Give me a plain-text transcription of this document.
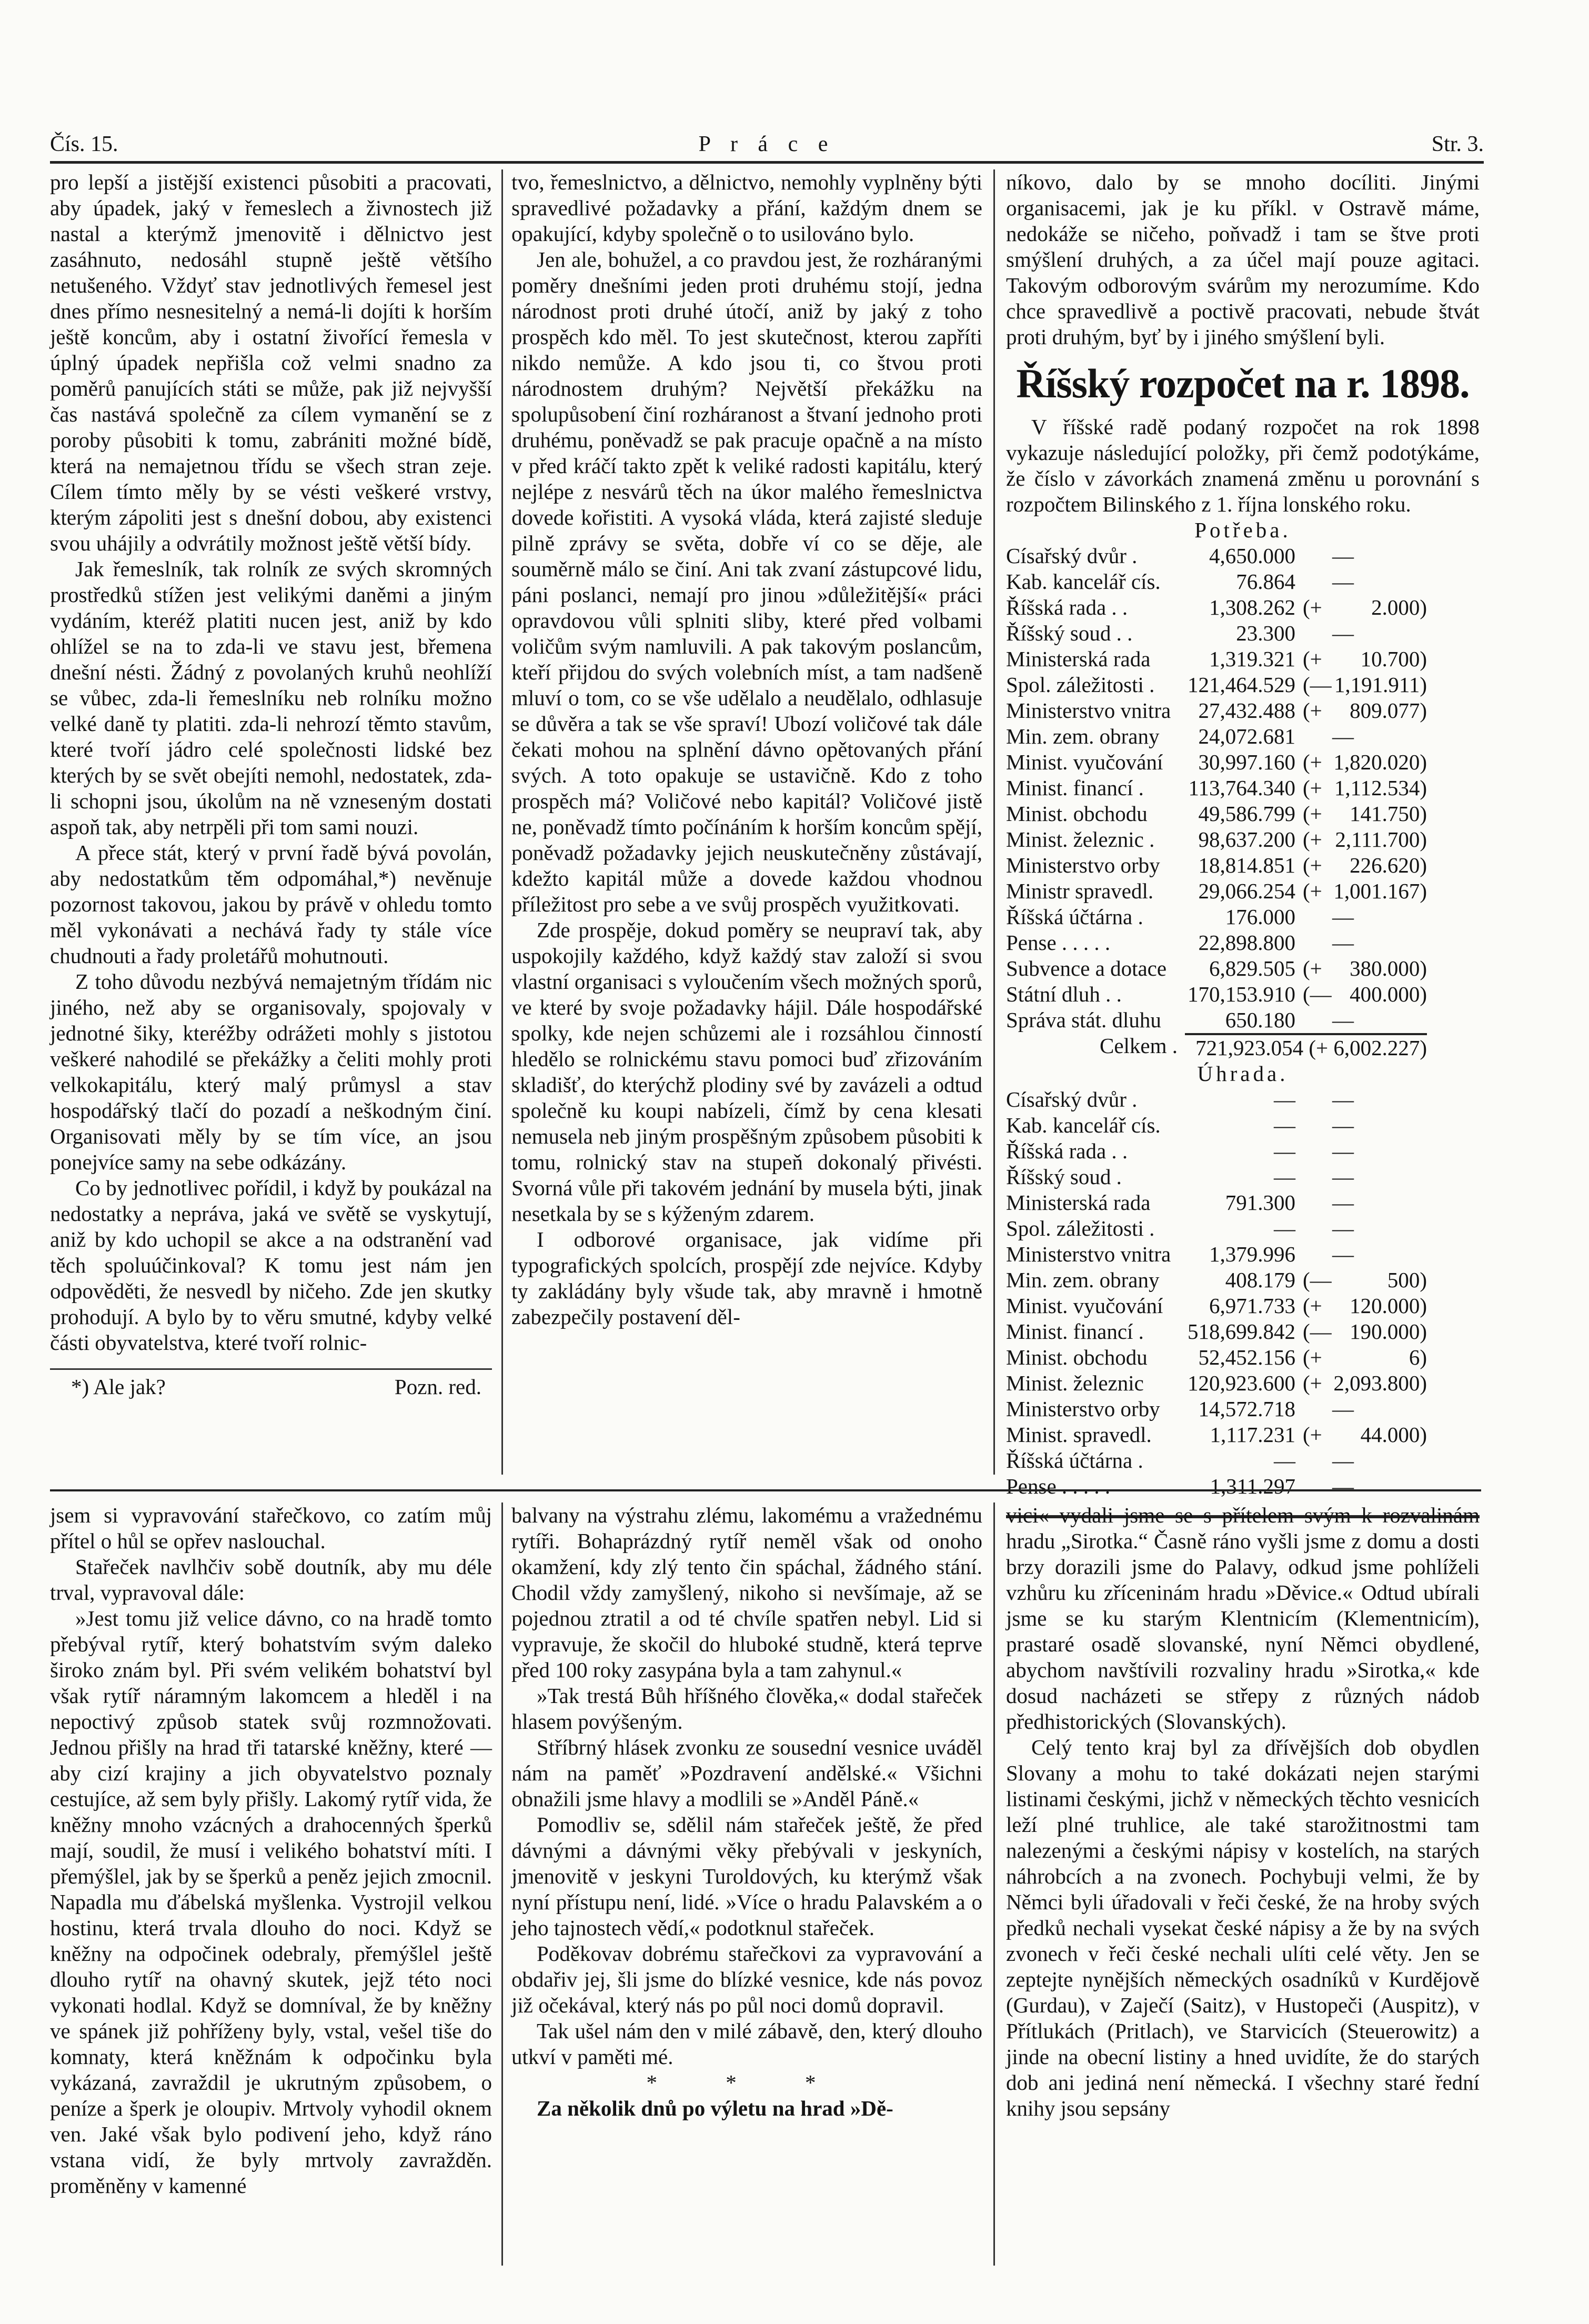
Čís. 15.	P r á c e	Str. 3.

pro lepší a jistější existenci působiti a pracovati, aby úpadek, jaký v řemeslech a živnostech již nastal a kterýmž jmenovitě i dělnictvo jest zasáhnuto, nedosáhl stupně ještě většího netušeného. Vždyť stav jednotlivých řemesel jest dnes přímo nesnesitelný a nemá-li dojíti k horším ještě koncům, aby i ostatní živořící řemesla v úplný úpadek nepřišla což velmi snadno za poměrů panujících státi se může, pak již nejvyšší čas nastává společně za cílem vymanění se z poroby působiti k tomu, zabrániti možné bídě, která na nemajetnou třídu se všech stran zeje. Cílem tímto měly by se vésti veškeré vrstvy, kterým zápoliti jest s dnešní dobou, aby existenci svou uhájily a odvrátily možnost ještě větší bídy.

Jak řemeslník, tak rolník ze svých skromných prostředků stížen jest velikými daněmi a jiným vydáním, kteréž platiti nucen jest, aniž by kdo ohlížel se na to zda-li ve stavu jest, břemena dnešní nésti. Žádný z povolaných kruhů neohlíží se vůbec, zda-li řemeslníku neb rolníku možno velké daně ty platiti. zda-li nehrozí těmto stavům, které tvoří jádro celé společnosti lidské bez kterých by se svět obejíti nemohl, nedostatek, zda-li schopni jsou, úkolům na ně vzneseným dostati aspoň tak, aby netrpěli při tom sami nouzi.

A přece stát, který v první řadě bývá povolán, aby nedostatkům těm odpomáhal,*) nevěnuje pozornost takovou, jakou by právě v ohledu tomto měl vykonávati a nechává řady ty stále více chudnouti a řady proletářů mohutnouti.

Z toho důvodu nezbývá nemajetným třídám nic jiného, než aby se organisovaly, spojovaly v jednotné šiky, kteréžby odrážeti mohly s jistotou veškeré nahodilé se překážky a čeliti mohly proti velkokapitálu, který malý průmysl a stav hospodářský tlačí do pozadí a neškodným činí. Organisovati měly by se tím více, an jsou ponejvíce samy na sebe odkázány.

Co by jednotlivec pořídil, i když by poukázal na nedostatky a neprávа, jaká ve světě se vyskytují, aniž by kdo uchopil se akce a na odstranění vad těch spoluúčinkoval? K tomu jest nám jen odpověděti, že nesvedl by ničeho. Zde jen skutky prohodují. A bylo by to věru smutné, kdyby velké části obyvatelstva, které tvoří rolnic-

*) Ale jak?	Pozn. red.

tvo, řemeslnictvo, a dělnictvo, nemohly vyplněny býti spravedlivé požadavky a přání, každým dnem se opakující, kdyby společně o to usilováno bylo.

Jen ale, bohužel, a co pravdou jest, že rozháranými poměry dnešními jeden proti druhému stojí, jedna národnost proti druhé útočí, aniž by jaký z toho prospěch kdo měl. To jest skutečnost, kterou zapříti nikdo nemůže. A kdo jsou ti, co štvou proti národnostem druhým? Největší překážku na spolupůsobení činí rozháranost a štvaní jednoho proti druhému, poněvadž se pak pracuje opačně a na místo v před kráčí takto zpět k veliké radosti kapitálu, který nejlépe z nesvárů těch na úkor malého řemeslnictva dovede kořistiti. A vysoká vláda, která zajisté sleduje pilně zprávy se světa, dobře ví co se děje, ale souměrně málo se činí. Ani tak zvaní zástupcové lidu, páni poslanci, nemají pro jinou »důležitější« práci opravdovou vůli splniti sliby, které před volbami voličům svým namluvili. A pak takovým poslancům, kteří přijdou do svých volebních míst, a tam nadšeně mluví o tom, co se vše udělalo a neudělalo, odhlasuje se důvěra a tak se vše spraví! Ubozí voličové tak dále čekati mohou na splnění dávno opětovaných přání svých. A toto opakuje se ustavičně. Kdo z toho prospěch má? Voličové nebo kapitál? Voličové jistě ne, poněvadž tímto počínáním k horším koncům spějí, poněvadž požadavky jejich neuskutečněny zůstávají, kdežto kapitál může a dovede každou vhodnou příležitost pro sebe a ve svůj prospěch využitkovati.

Zde prospěje, dokud poměry se neupraví tak, aby uspokojily každého, když každý stav založí si svou vlastní organisaci s vyloučením všech možných sporů, ve které by svoje požadavky hájil. Dále hospodářské spolky, kde nejen schůzemi ale i rozsáhlou činností hledělo se rolnickému stavu pomoci buď zřizováním skladišť, do kterýchž plodiny své by zavázeli a odtud společně ku koupi nabízeli, čímž by cena klesati nemusela neb jiným prospěšným způsobem působiti k tomu, rolnický stav na stupeň dokonalý přivésti. Svorná vůle při takovém jednání by musela býti, jinak nesetkala by se s kýženým zdarem.

I odborové organisace, jak vidíme při typografických spolcích, prospějí zde nejvíce. Kdyby ty zakládány byly všude tak, aby mravně i hmotně zabezpečily postavení děl-

níkovo, dalo by se mnoho docíliti. Jinými organisacemi, jak je ku příkl. v Ostravě máme, nedokáže se ničeho, poňvadž i tam se štve proti smýšlení druhých, a za účel mají pouze agitaci. Takovým odborovým svárům my nerozumíme. Kdo chce spravedlivě a poctivě pracovati, nebude štvát proti druhým, byť by i jiného smýšlení byli.

Říšský rozpočet na r. 1898.

V říšské radě podaný rozpočet na rok 1898 vykazuje následující položky, při čemž podotýkáme, že číslo v závorkách znamená změnu u porovnání s rozpočtem Bilinského z 1. října lonského roku.

Potřeba.
Císařský dvůr .	4,650.000 —
Kab. kancelář cís.	76.864 —
Říšská rada . .	1,308.262 (+	2.000)
Říšský soud . .	23.300 —
Ministerská rada	1,319.321 (+	10.700)
Spol. záležitosti .	121,464.529 (— 1,191.911)
Ministerstvo vnitra	27,432.488 (+	809.077)
Min. zem. obrany	24,072.681 —
Minist. vyučování	30,997.160 (+ 1,820.020)
Minist. financí .	113,764.340 (+ 1,112.534)
Minist. obchodu	49,586.799 (+	141.750)
Minist. železnic .	98,637.200 (+ 2,111.700)
Ministerstvo orby	18,814.851 (+	226.620)
Ministr spravedl.	29,066.254 (+ 1,001.167)
Říšská účtárna .	176.000 —
Pense . . . . .	22,898.800 —
Subvence a dotace	6,829.505 (+	380.000)
Státní dluh . .	170,153.910 (— 400.000)
Správa stát. dluhu	650.180 —
Celkem . 721,923.054 (+ 6,002.227)
Úhrada.
Císařský dvůr .	— —
Kab. kancelář cís.	— —
Říšská rada . .	— —
Říšský soud .	— —
Ministerská rada	791.300 —
Spol. záležitosti .	— —
Ministerstvo vnitra	1,379.996 —
Min. zem. obrany	408.179 (—	500)
Minist. vyučování	6,971.733 (+	120.000)
Minist. financí .	518,699.842 (— 190.000)
Minist. obchodu	52,452.156 (+	6)
Minist. železnic	120,923.600 (+ 2,093.800)
Ministerstvo orby	14,572.718 —
Minist. spravedl.	1,117.231 (+	44.000)
Říšská účtárna .	— —
Pense . . . . .	1,311.297 —

jsem si vypravování stařečkovo, co zatím můj přítel o hůl se opřev naslouchal.

Stařeček navlhčiv sobě doutník, aby mu déle trval, vypravoval dále:

»Jest tomu již velice dávno, co na hradě tomto přebýval rytíř, který bohatstvím svým daleko široko znám byl. Při svém velikém bohatství byl však rytíř náramným lakomcem a hleděl i na nepoctivý způsob statek svůj rozmnožovati. Jednou přišly na hrad tři tatarské kněžny, které — aby cizí krajiny a jich obyvatelstvo poznaly cestujíce, až sem byly přišly. Lakomý rytíř vida, že kněžny mnoho vzácných a drahocenných šperků mají, soudil, že musí i velikého bohatství míti. I přemýšlel, jak by se šperků a peněz jejich zmocnil. Napadla mu ďábelská myšlenka. Vystrojil velkou hostinu, která trvala dlouho do noci. Když se kněžny na odpočinek odebraly, přemýšlel ještě dlouho rytíř na ohavný skutek, jejž této noci vykonati hodlal. Když se domníval, že by kněžny ve spánek již pohříženy byly, vstal, vešel tiše do komnaty, která kněžnám k odpočinku byla vykázaná, zavraždil je ukrutným způsobem, o peníze a šperk je oloupiv. Mrtvoly vyhodil oknem ven. Jaké však bylo podivení jeho, když ráno vstana vidí, že byly mrtvoly zavražděn. proměněny v kamenné

balvany na výstrahu zlému, lakomému a vražednému rytíři. Bohaprázdný rytíř neměl však od onoho okamžení, kdy zlý tento čin spáchal, žádného stání. Chodil vždy zamyšlený, nikoho si nevšímaje, až se pojednou ztratil a od té chvíle spatřen nebyl. Lid si vypravuje, že skočil do hluboké studně, která teprve před 100 roky zasypána byla a tam zahynul.«

»Tak trestá Bůh hříšného člověka,« dodal stařeček hlasem povýšeným.

Stříbrný hlásek zvonku ze sousední vesnice uváděl nám na paměť »Pozdravení andělské.« Všichni obnažili jsme hlavy a modlili se »Anděl Páně.«

Pomodliv se, sdělil nám stařeček ještě, že před dávnými a dávnými věky přebývali v jeskyních, jmenovitě v jeskyni Turoldových, ku kterýmž však nyní přístupu není, lidé. »Více o hradu Palavském a o jeho tajnostech vědí,« podotknul stařeček.

Poděkovav dobrému stařečkovi za vypravování a obdařiv jej, šli jsme do blízké vesnice, kde nás povoz již očekával, který nás po půl noci domů dopravil.

Tak ušel nám den v milé zábavě, den, který dlouho utkví v paměti mé.

* * *

Za několik dnů po výletu na hrad »Dě-

vici« vydali jsme se s přítelem svým k rozvalinám hradu „Sirotka.“ Časně ráno vyšli jsme z domu a dosti brzy dorazili jsme do Palavy, odkud jsme pohlíželi vzhůru ku zříceninám hradu »Děvice.« Odtud ubírali jsme se ku starým Klentnicím (Klementnicím), prastaré osadě slovanské, nyní Němci obydlené, abychom navštívili rozvaliny hradu »Sirotka,« kde dosud nacházeti se střepy z různých nádob předhistorických (Slovanských).

Celý tento kraj byl za dřívějších dob obydlen Slovany a mohu to také dokázati nejen starými listinami českými, jichž v německých těchto vesnicích leží plné truhlice, ale také starožitnostmi tam nalezenými a českými nápisy v kostelích, na starých náhrobcích a na zvonech. Pochybuji velmi, že by Němci byli úřadovali v řeči české, že na hroby svých předků nechali vysekat české nápisy a že by na svých zvonech v řeči české nechali ulíti celé věty. Jen se zeptejte nynějších německých osadníků v Kurdějově (Gurdau), v Zaječí (Saitz), v Hustopeči (Auspitz), v Přítlukách (Pritlach), ve Starvicích (Steuerowitz) a jinde na obecní listiny a hned uvidíte, že do starých dob ani jediná není německá. I všechny staré řední knihy jsou sepsány
